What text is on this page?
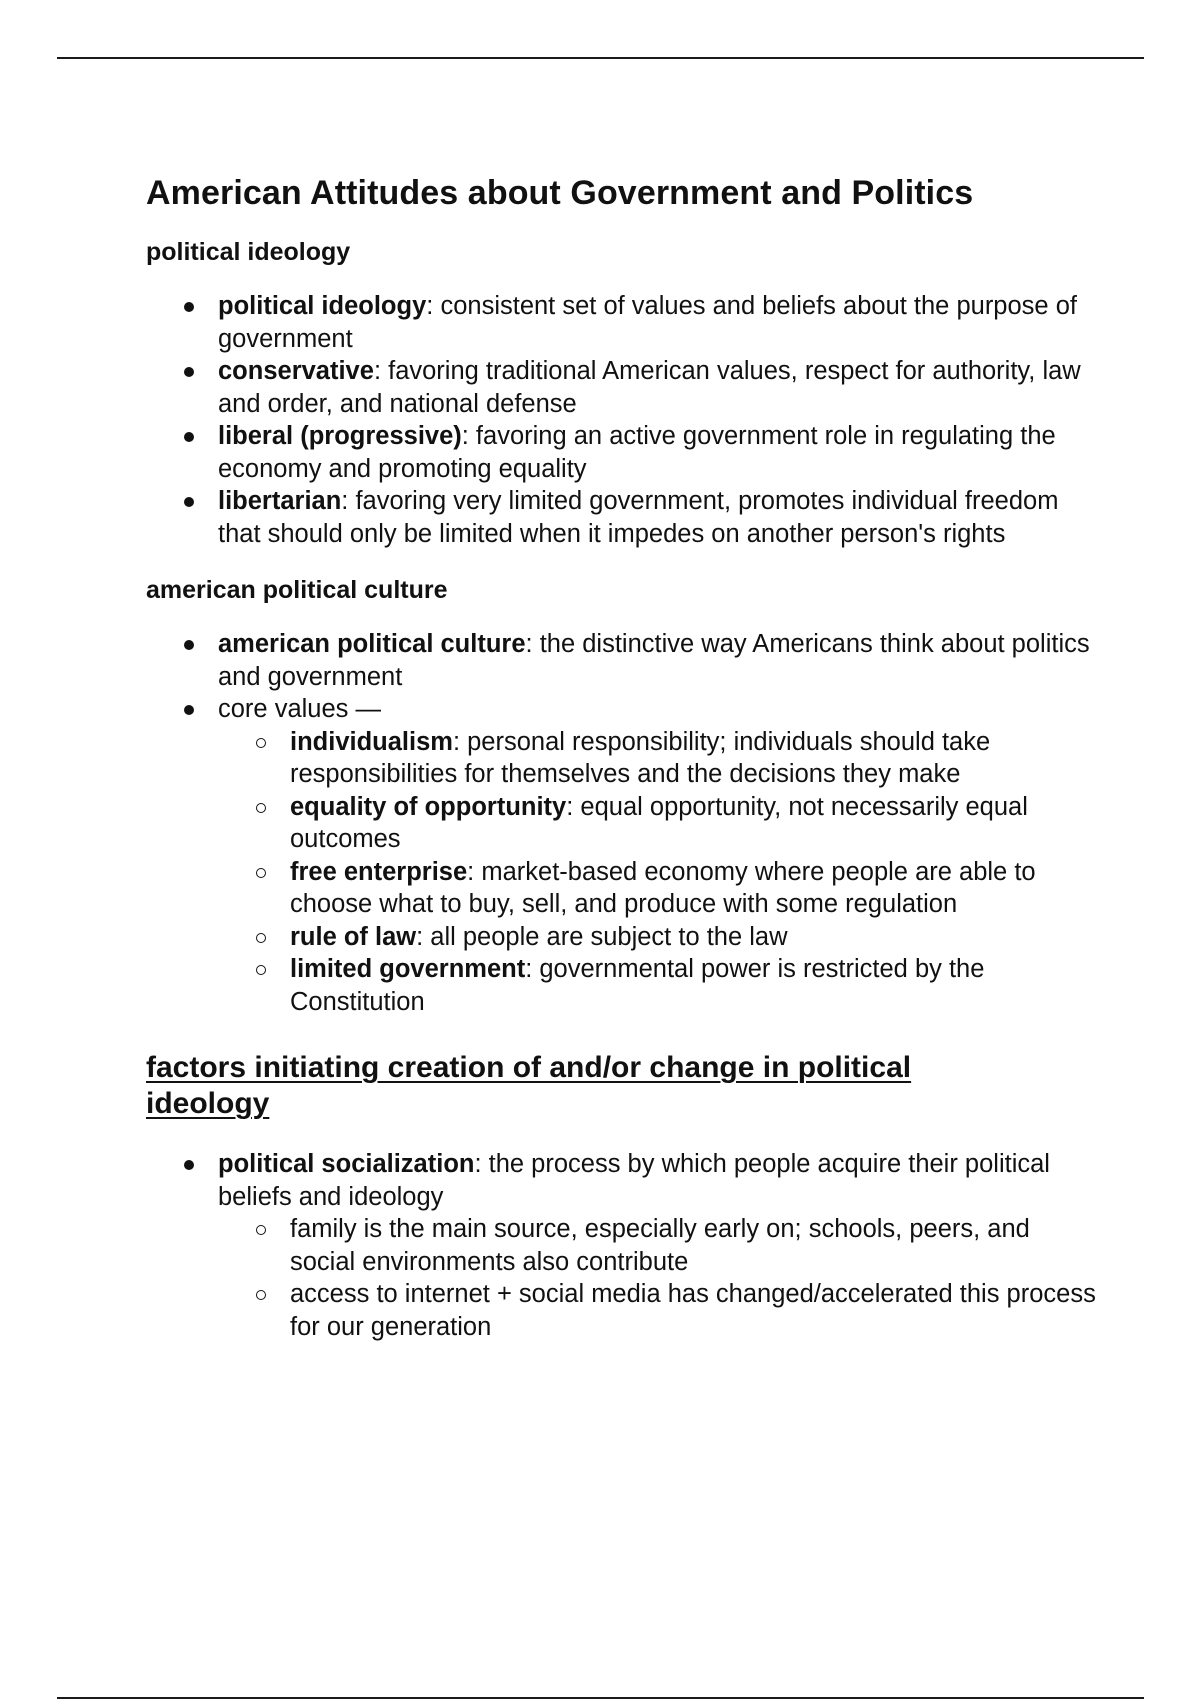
American Attitudes about Government and Politics
political ideology
political ideology: consistent set of values and beliefs about the purpose of government
conservative: favoring traditional American values, respect for authority, law and order, and national defense
liberal (progressive): favoring an active government role in regulating the economy and promoting equality
libertarian: favoring very limited government, promotes individual freedom that should only be limited when it impedes on another person's rights
american political culture
american political culture: the distinctive way Americans think about politics and government
core values —
individualism: personal responsibility; individuals should take responsibilities for themselves and the decisions they make
equality of opportunity: equal opportunity, not necessarily equal outcomes
free enterprise: market-based economy where people are able to choose what to buy, sell, and produce with some regulation
rule of law: all people are subject to the law
limited government: governmental power is restricted by the Constitution
factors initiating creation of and/or change in political ideology
political socialization: the process by which people acquire their political beliefs and ideology
family is the main source, especially early on; schools, peers, and social environments also contribute
access to internet + social media has changed/accelerated this process for our generation
